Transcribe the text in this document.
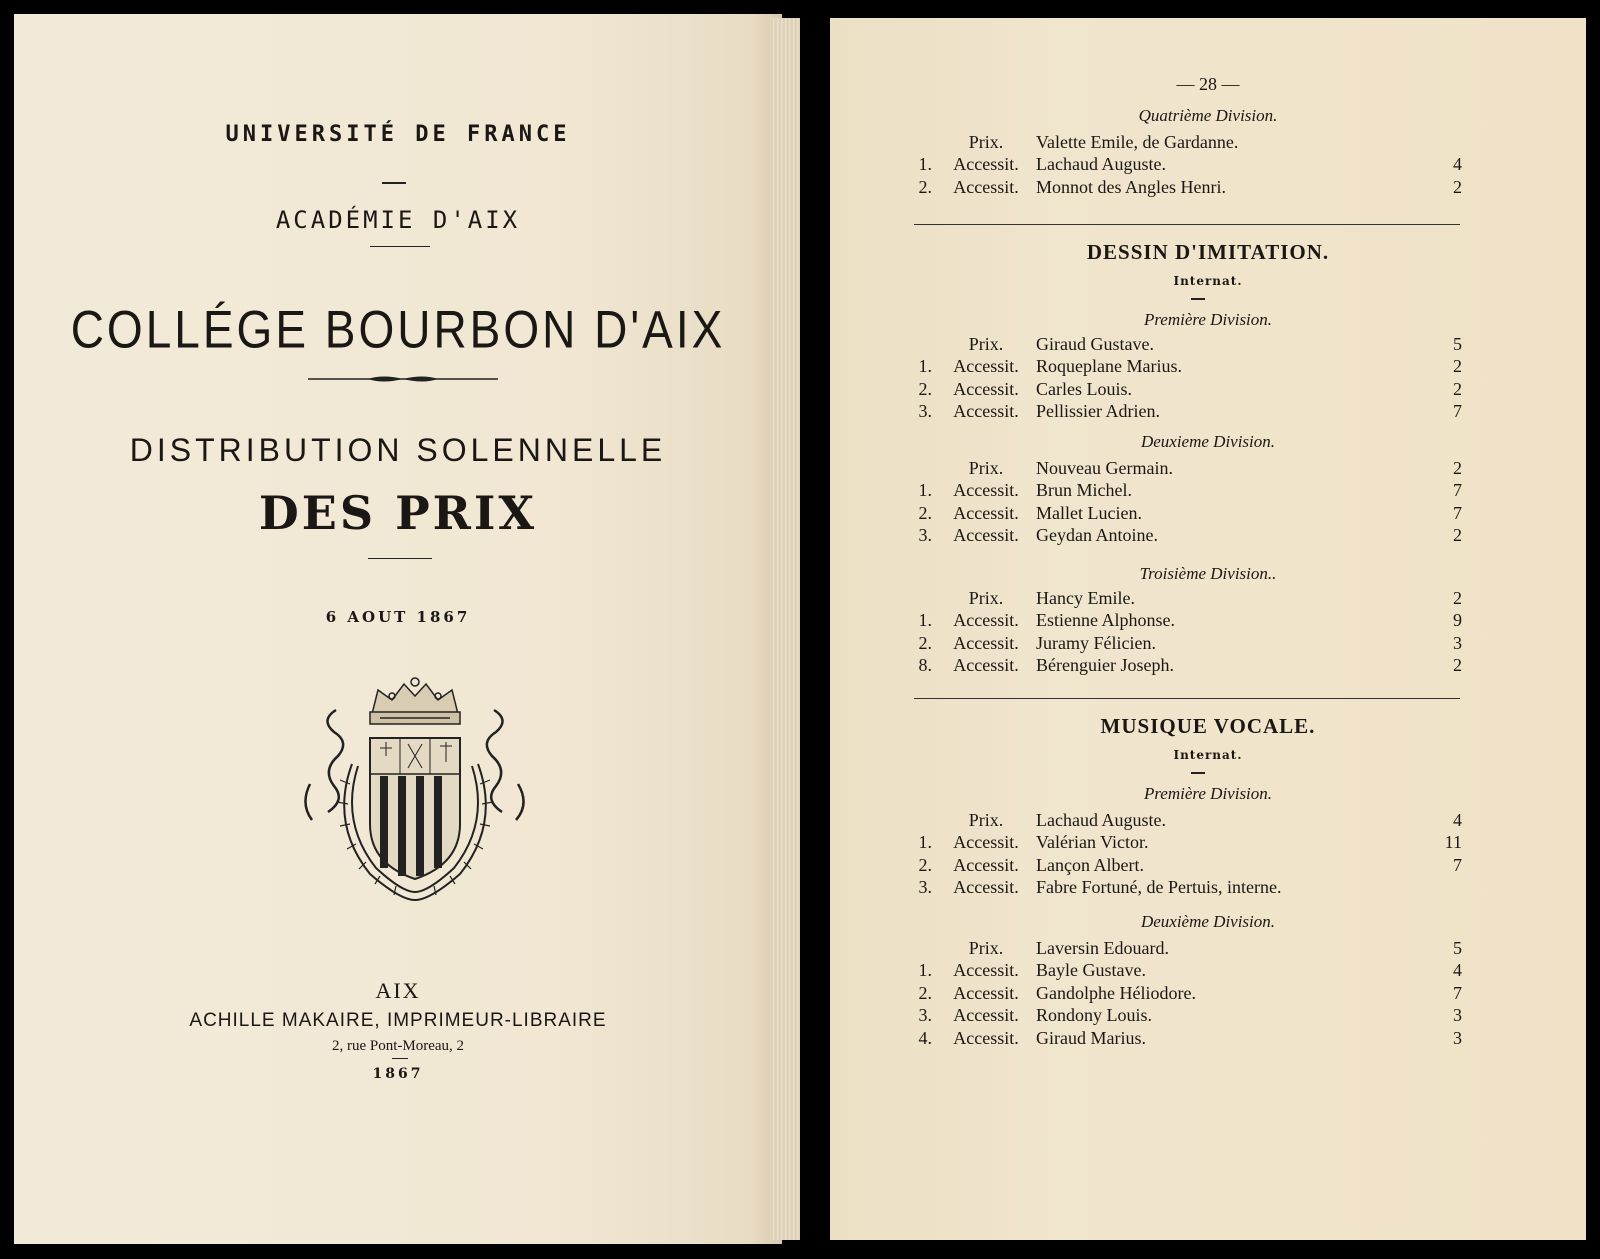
UNIVERSITÉ DE FRANCE
ACADÉMIE D'AIX
COLLÉGE BOURBON D'AIX
DISTRIBUTION SOLENNELLE
DES PRIX
6 AOUT 1867
AIX
ACHILLE MAKAIRE, IMPRIMEUR-LIBRAIRE
2, rue Pont-Moreau, 2
1867
— 28 —
Quatrième Division.
Prix.	Valette Emile, de Gardanne.
1.	Accessit. Lachaud Auguste.	4
2.	Accessit. Monnot des Angles Henri.	2
DESSIN D'IMITATION.
Internat.
Première Division.
Prix.	Giraud Gustave.	5
1.	Accessit. Roqueplane Marius.	2
2.	Accessit. Carles Louis.	2
3.	Accessit. Pellissier Adrien.	7
Deuxieme Division.
Prix.	Nouveau Germain.	2
1.	Accessit. Brun Michel.	7
2.	Accessit. Mallet Lucien.	7
3.	Accessit. Geydan Antoine.	2
Troisième Division..
Prix.	Hancy Emile.	2
1.	Accessit. Estienne Alphonse.	9
2.	Accessit. Juramy Félicien.	3
8.	Accessit. Bérenguier Joseph.	2
MUSIQUE VOCALE.
Internat.
Première Division.
Prix.	Lachaud Auguste.	4
1.	Accessit. Valérian Victor.	11
2.	Accessit. Lançon Albert.	7
3.	Accessit. Fabre Fortuné, de Pertuis, interne.
Deuxième Division.
Prix.	Laversin Edouard.	5
1.	Accessit. Bayle Gustave.	4
2.	Accessit. Gandolphe Héliodore.	7
3.	Accessit. Rondony Louis.	3
4.	Accessit. Giraud Marius.	3
